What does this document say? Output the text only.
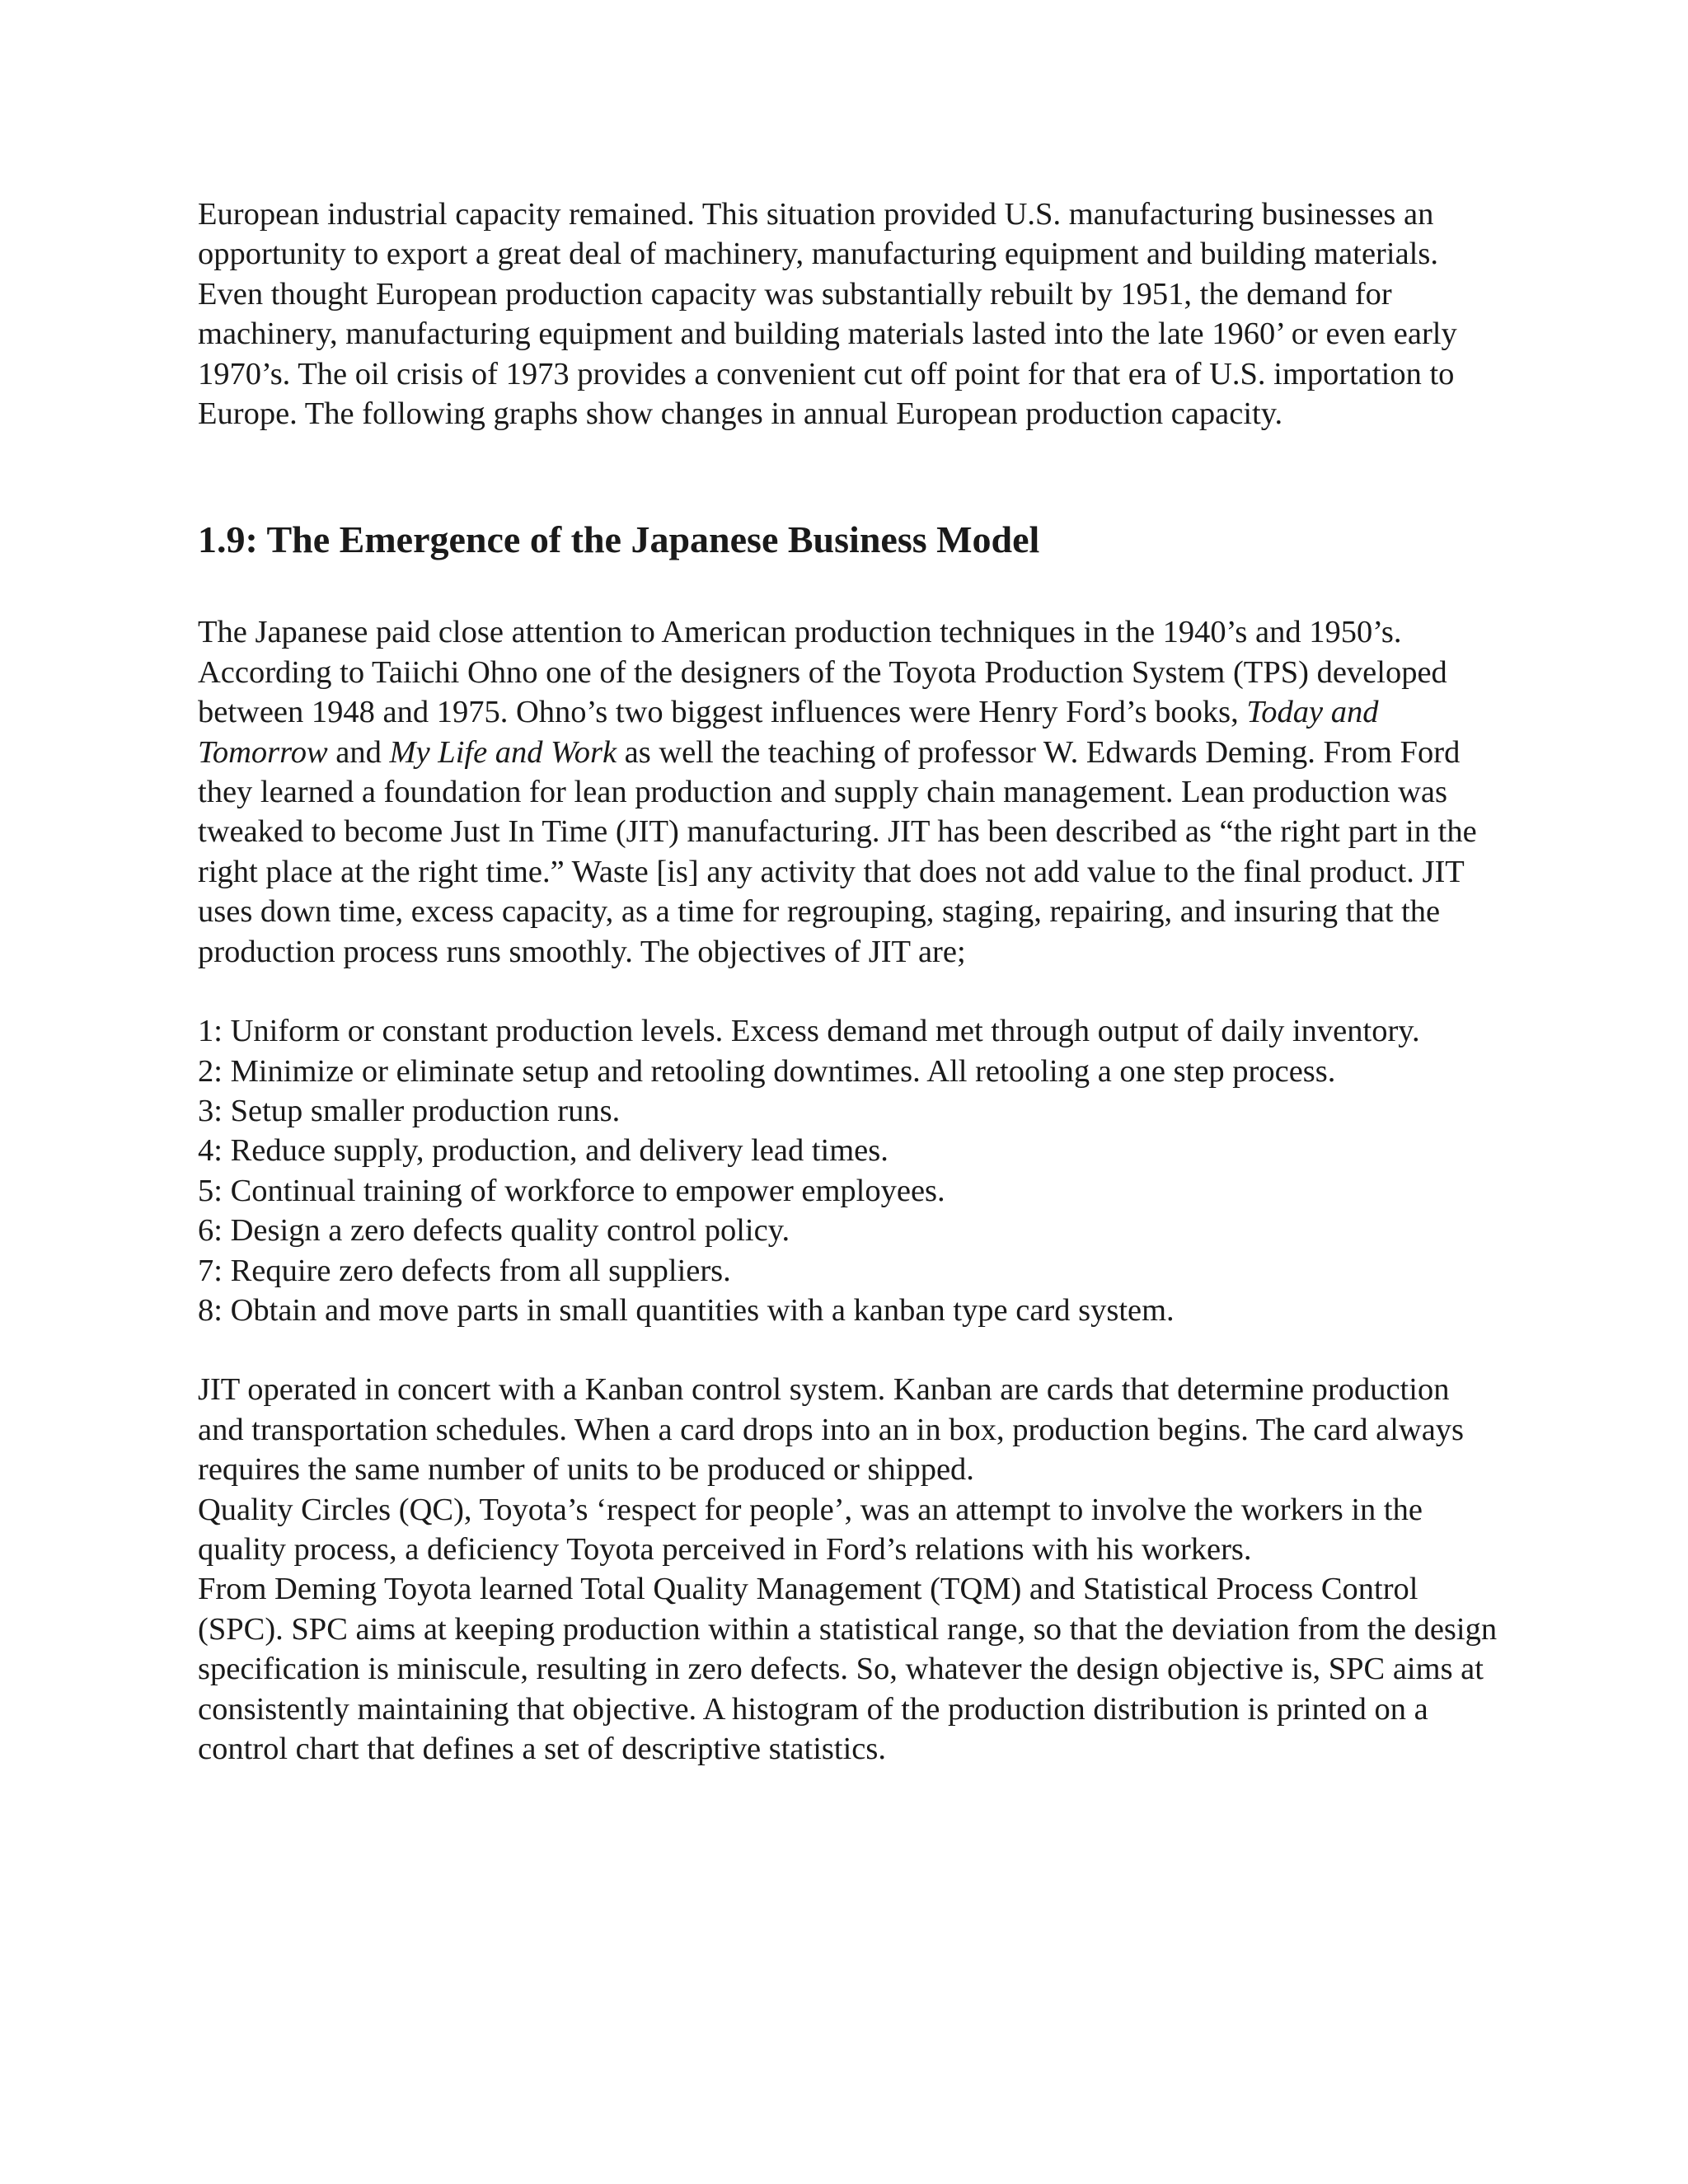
European industrial capacity remained. This situation provided U.S. manufacturing businesses an opportunity to export a great deal of machinery, manufacturing equipment and building materials. Even thought European production capacity was substantially rebuilt by 1951, the demand for machinery, manufacturing equipment and building materials lasted into the late 1960’ or even early 1970’s. The oil crisis of 1973 provides a convenient cut off point for that era of U.S. importation to Europe. The following graphs show changes in annual European production capacity.

1.9: The Emergence of the Japanese Business Model

The Japanese paid close attention to American production techniques in the 1940’s and 1950’s. According to Taiichi Ohno one of the designers of the Toyota Production System (TPS) developed between 1948 and 1975. Ohno’s two biggest influences were Henry Ford’s books, Today and Tomorrow and My Life and Work as well the teaching of professor W. Edwards Deming. From Ford they learned a foundation for lean production and supply chain management. Lean production was tweaked to become Just In Time (JIT) manufacturing. JIT has been described as “the right part in the right place at the right time.” Waste [is] any activity that does not add value to the final product. JIT uses down time, excess capacity, as a time for regrouping, staging, repairing, and insuring that the production process runs smoothly. The objectives of JIT are;

1: Uniform or constant production levels. Excess demand met through output of daily inventory.
2: Minimize or eliminate setup and retooling downtimes. All retooling a one step process.
3: Setup smaller production runs.
4: Reduce supply, production, and delivery lead times.
5: Continual training of workforce to empower employees.
6: Design a zero defects quality control policy.
7: Require zero defects from all suppliers.
8: Obtain and move parts in small quantities with a kanban type card system.

JIT operated in concert with a Kanban control system. Kanban are cards that determine production and transportation schedules. When a card drops into an in box, production begins. The card always requires the same number of units to be produced or shipped.

Quality Circles (QC), Toyota’s ‘respect for people’, was an attempt to involve the workers in the quality process, a deficiency Toyota perceived in Ford’s relations with his workers.

From Deming Toyota learned Total Quality Management (TQM) and Statistical Process Control (SPC). SPC aims at keeping production within a statistical range, so that the deviation from the design specification is miniscule, resulting in zero defects. So, whatever the design objective is, SPC aims at consistently maintaining that objective. A histogram of the production distribution is printed on a control chart that defines a set of descriptive statistics.
